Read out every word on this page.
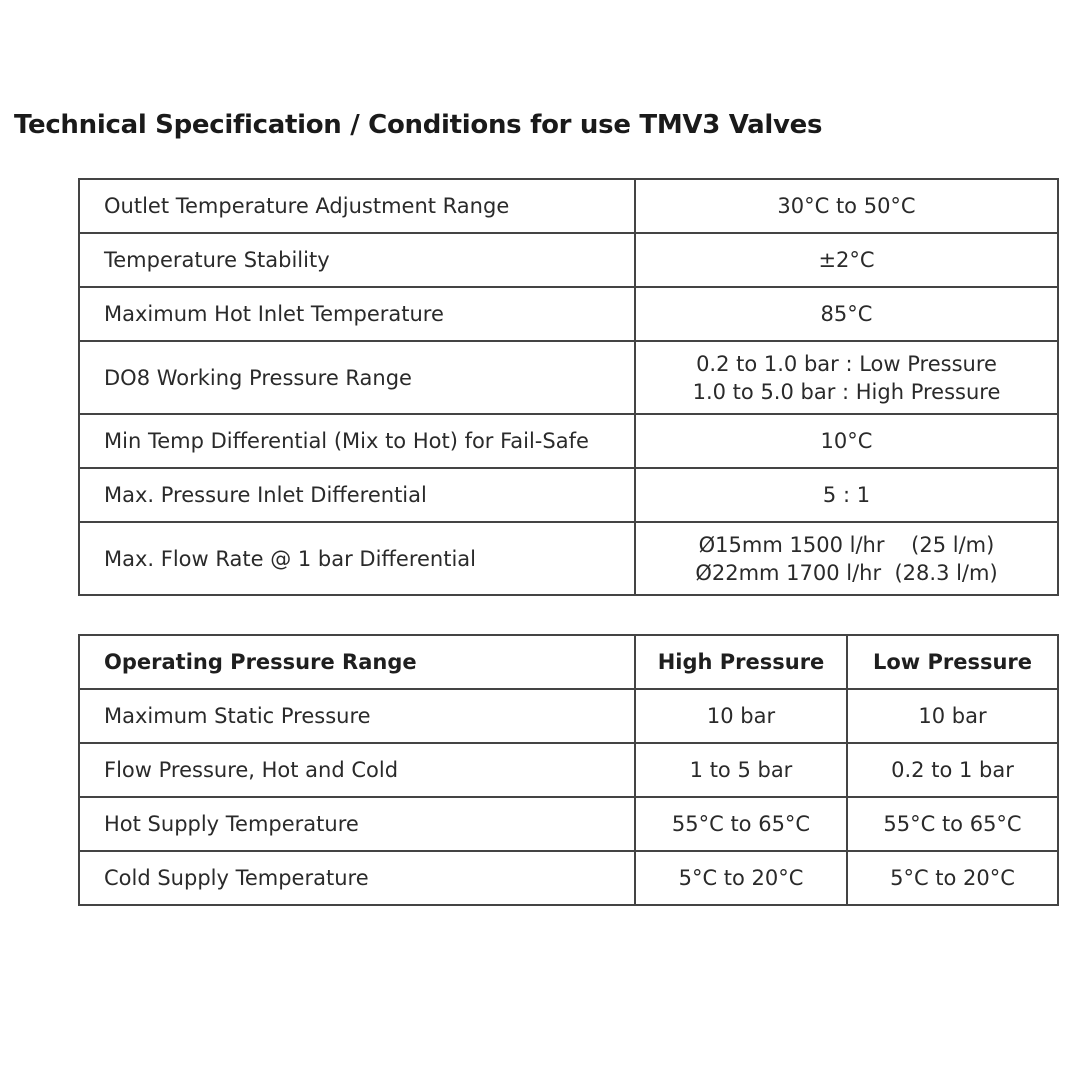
Technical Specification / Conditions for use TMV3 Valves
Outlet Temperature Adjustment Range	30°C to 50°C

Temperature Stability	±2°C

Maximum Hot Inlet Temperature	85°C

DO8 Working Pressure Range	0.2 to 1.0 bar : Low Pressure
1.0 to 5.0 bar : High Pressure

Min Temp Differential (Mix to Hot) for Fail-Safe	10°C

Max. Pressure Inlet Differential	5 : 1

Max. Flow Rate @ 1 bar Differential	Ø15mm 1500 l/hr    (25 l/m)
Ø22mm 1700 l/hr  (28.3 l/m)
Operating Pressure Range	High Pressure	Low Pressure
Maximum Static Pressure	10 bar	10 bar
Flow Pressure, Hot and Cold	1 to 5 bar	0.2 to 1 bar
Hot Supply Temperature	55°C to 65°C	55°C to 65°C
Cold Supply Temperature	5°C to 20°C	5°C to 20°C
